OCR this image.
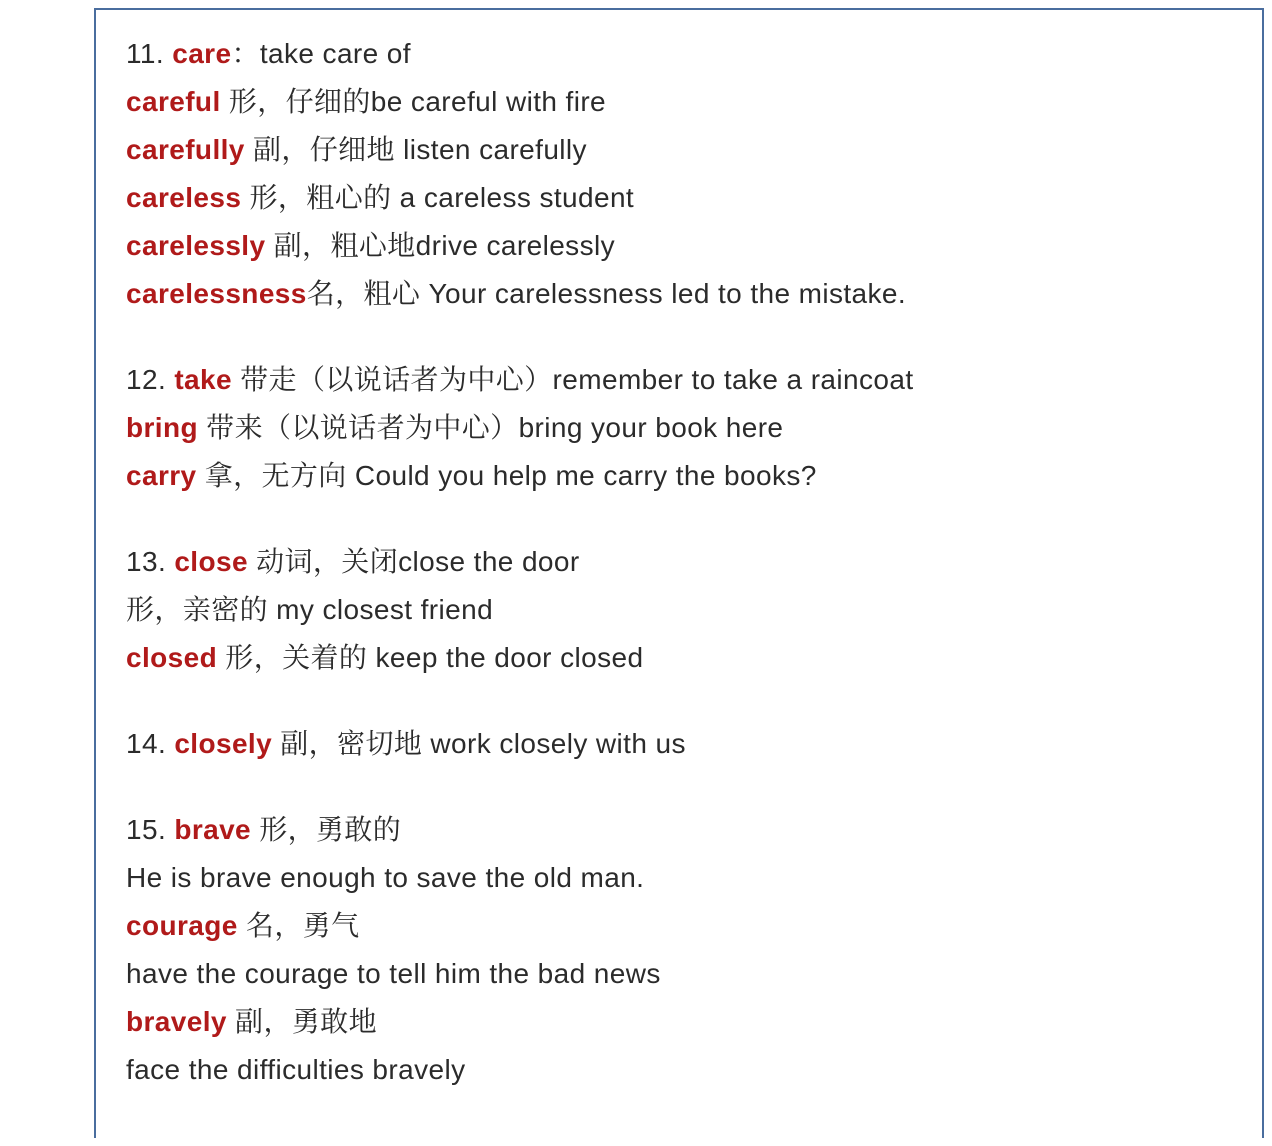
11. care：take care of
careful 形，仔细的be careful with fire
carefully 副，仔细地 listen carefully
careless 形，粗心的 a careless student
carelessly 副，粗心地drive carelessly
carelessness名，粗心 Your carelessness led to the mistake.
12. take 带走（以说话者为中心）remember to take a raincoat
bring 带来（以说话者为中心）bring your book here
carry 拿，无方向 Could you help me carry the books?
13. close 动词，关闭close the door
形，亲密的 my closest friend
closed 形，关着的 keep the door closed
14. closely 副，密切地 work closely with us
15. brave 形，勇敢的
He is brave enough to save the old man.
courage 名，勇气
have the courage to tell him the bad news
bravely 副，勇敢地
face the difficulties bravely
